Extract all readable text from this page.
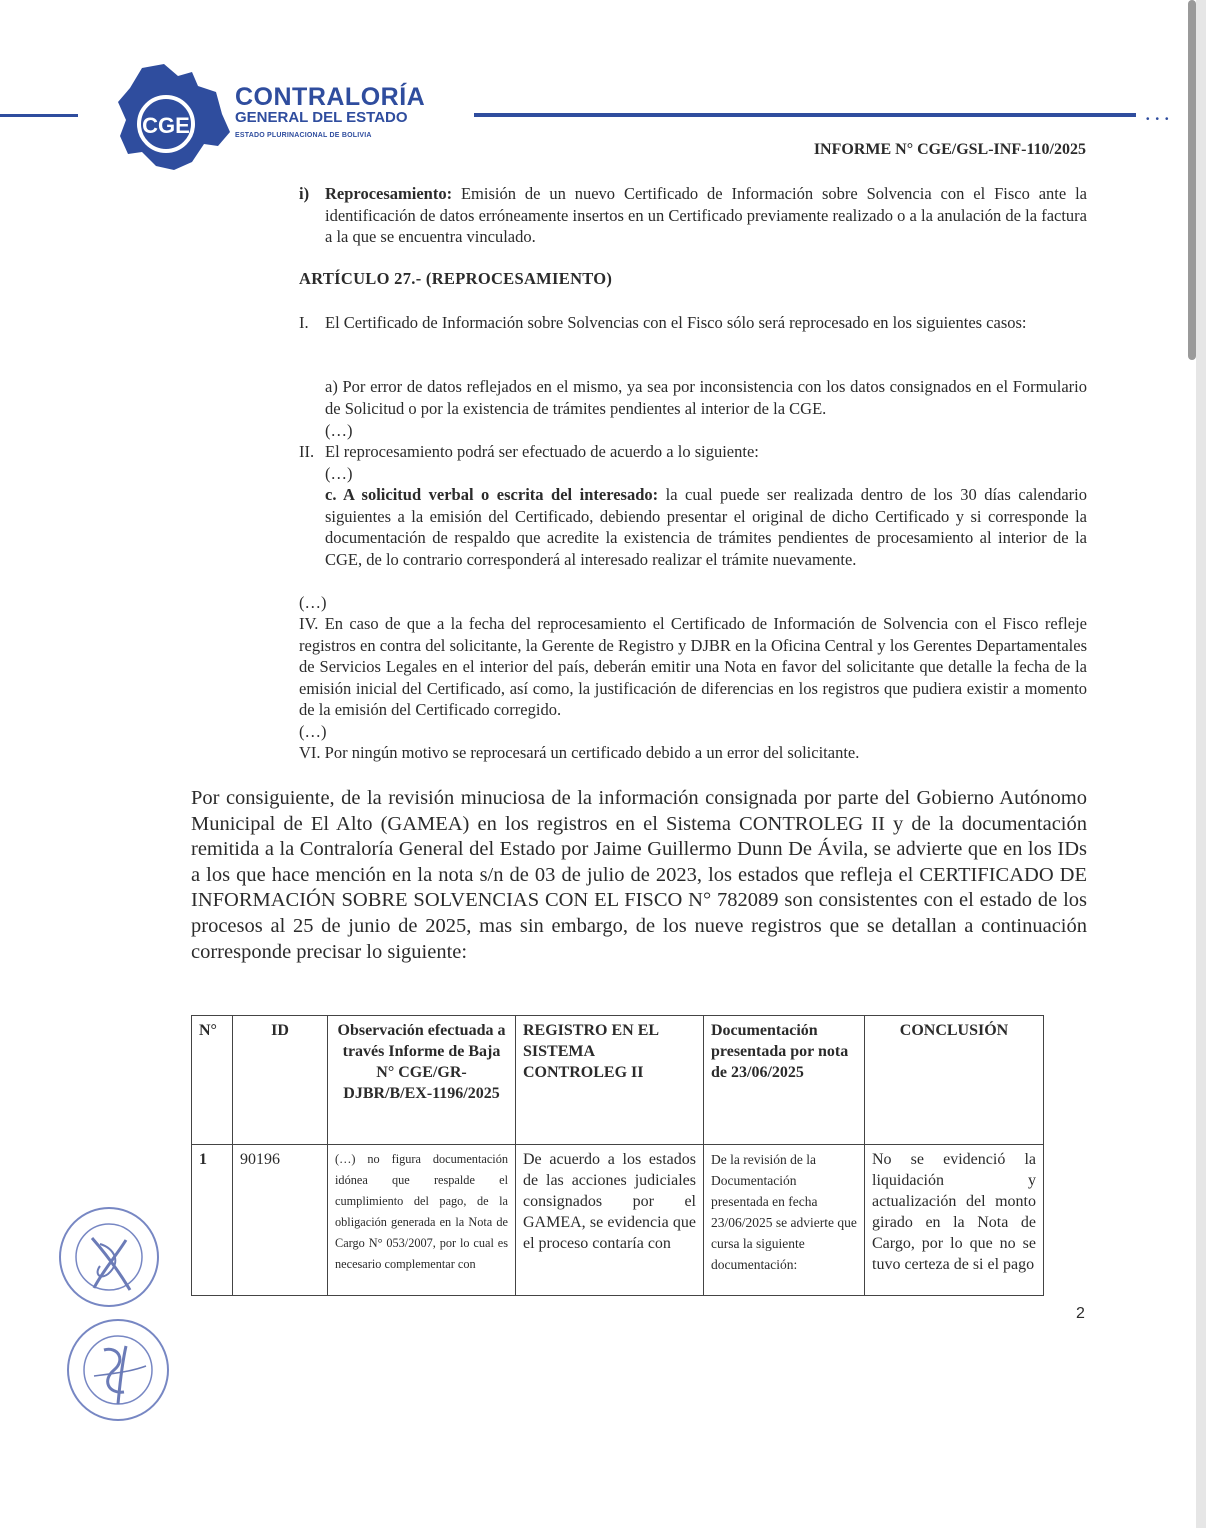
CGE
CONTRALORÍA
GENERAL DEL ESTADO
ESTADO PLURINACIONAL DE BOLIVIA
•••
INFORME N° CGE/GSL-INF-110/2025
i) Reprocesamiento: Emisión de un nuevo Certificado de Información sobre Solvencia con el Fisco ante la identificación de datos erróneamente insertos en un Certificado previamente realizado o a la anulación de la factura a la que se encuentra vinculado.

ARTÍCULO 27.- (REPROCESAMIENTO)
I. El Certificado de Información sobre Solvencias con el Fisco sólo será reprocesado en los siguientes casos:

a) Por error de datos reflejados en el mismo, ya sea por inconsistencia con los datos consignados en el Formulario de Solicitud o por la existencia de trámites pendientes al interior de la CGE.

(…)
II. El reprocesamiento podrá ser efectuado de acuerdo a lo siguiente:

(…)

c. A solicitud verbal o escrita del interesado: la cual puede ser realizada dentro de los 30 días calendario siguientes a la emisión del Certificado, debiendo presentar el original de dicho Certificado y si corresponde la documentación de respaldo que acredite la existencia de trámites pendientes de procesamiento al interior de la CGE, de lo contrario corresponderá al interesado realizar el trámite nuevamente.

(…)

IV. En caso de que a la fecha del reprocesamiento el Certificado de Información de Solvencia con el Fisco refleje registros en contra del solicitante, la Gerente de Registro y DJBR en la Oficina Central y los Gerentes Departamentales de Servicios Legales en el interior del país, deberán emitir una Nota en favor del solicitante que detalle la fecha de la emisión inicial del Certificado, así como, la justificación de diferencias en los registros que pudiera existir a momento de la emisión del Certificado corregido.

(…)

VI. Por ningún motivo se reprocesará un certificado debido a un error del solicitante.

Por consiguiente, de la revisión minuciosa de la información consignada por parte del Gobierno Autónomo Municipal de El Alto (GAMEA) en los registros en el Sistema CONTROLEG II y de la documentación remitida a la Contraloría General del Estado por Jaime Guillermo Dunn De Ávila, se advierte que en los IDs a los que hace mención en la nota s/n de 03 de julio de 2023, los estados que refleja el CERTIFICADO DE INFORMACIÓN SOBRE SOLVENCIAS CON EL FISCO N° 782089 son consistentes con el estado de los procesos al 25 de junio de 2025, mas sin embargo, de los nueve registros que se detallan a continuación corresponde precisar lo siguiente:

N°	ID	Observación efectuada a través Informe de Baja N° CGE/GR-DJBR/B/EX-1196/2025	REGISTRO EN EL SISTEMA CONTROLEG II	Documentación presentada por nota de 23/06/2025	CONCLUSIÓN
1	90196	(…) no figura documentación idónea que respalde el cumplimiento del pago, de la obligación generada en la Nota de Cargo N° 053/2007, por lo cual es necesario complementar con	De acuerdo a los estados de las acciones judiciales consignados por el GAMEA, se evidencia que el proceso contaría con	De la revisión de la Documentación presentada en fecha 23/06/2025 se advierte que cursa la siguiente documentación:	No se evidenció la liquidación y actualización del monto girado en la Nota de Cargo, por lo que no se tuvo certeza de si el pago
2
